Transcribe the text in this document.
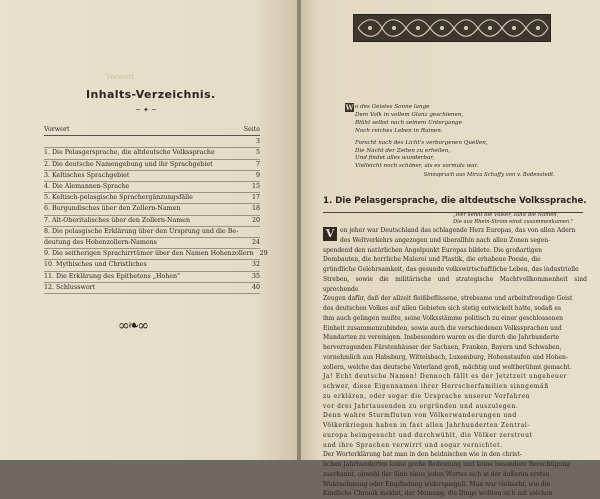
Vorwort
Inhalts-Verzeichnis.
~ ✦ ~
Vorwort	Seite
3
1. Die Pelasgersprache, die altdeutsche Volkssprache	5
2. Die deutsche Namengebung und ihr Sprachgebiet	7
3. Keltisches Sprachgebiet	9
4. Die Alemannen-Sprache	15
5. Keltisch-pelasgische Sprachergänzungsfälle	17
6. Burgundisches über den Zollern-Namen	18
7. Alt-Oberitalisches über den Zollern-Namen	20
8. Die pelasgische Erklärung über den Ursprung und die Be-
deutung des Hohenzollern-Namens	24
9. Die seitherigen Sprachirrtümer über den Namen Hohenzollern 29
10. Mythisches und Christliches	32
11. Die Erklärung des Epithetons „Hohen"	35
12. Schlusswort	40
∞❧∞
W o des Geistes Sonne lange
Dem Volk in vollem Glanz geschienen,
Blüht selbst nach seinem Untergange
Noch reiches Leben in Ruinen.
Forscht nach des Licht's verborgenen Quellen,
Die Nacht der Zeiten zu erhellen,
Und findet alles wunderbar,
Vielleicht noch schöner, als es vormals war.
Sinnspruch aus Mirza Schaffy von v. Bodenstedt.
1. Die Pelasgersprache, die altdeutsche Volkssprache.
„Wer kennt die Völker, zählt die Namen,
Die aus Rhein-Strom einst zusammenkamen."
V on jeher war Deutschland das schlagende Herz Europas, das von allen Adern
des Weltverkehrs angezogen und überallhin nach allen Zonen segen-
spendend den natürlichen Angelpunkt Europas bildete. Die großartigen
Dombauten, die herrliche Malerei und Plastik, die erhabene Poesie, die
gründliche Gelehrsamkeit, das gesunde volkswirtschaftliche Leben, das industrielle
Streben, sowie die militärische und strategische Machtvollkommenheit sind sprechende
Zeugen dafür, daß der allzeit fleißbeflissene, strebsame und arbeitsfreudige Geist
des deutschen Volkes auf allen Gebieten sich stetig entwickelt hatte, sodaß es
ihm auch gelingen mußte, seine Volksstämme politisch zu einer geschlossenen
Einheit zusammenzubinden, sowie auch die verschiedenen Volkssprachen und
Mundarten zu vereinigen. Insbesondere waren es die durch die Jahrhunderte
hervorragenden Fürstenhäuser der Sachsen, Franken, Bayern und Schwaben,
vornehmlich aus Habsburg, Wittelsbach, Luxemburg, Hohenstaufen und Hohen-
zollern, welche das deutsche Vaterland groß, mächtig und weltberühmt gemacht.
Ja! Echt deutsche Namen! Dennoch fällt es der Jetztzeit ungeheuer
schwer, diese Eigennamen ihrer Herrscherfamilien sinngemäß
zu erklären, oder sogar die Ursprache unserer Vorfahren
vor drei Jahrtausenden zu ergründen und auszulegen.
Denn wahre Sturmfluten von Völkerwanderungen und
Völkerkriegen haben in fast allen Jahrhunderten Zentral-
europa heimgesucht und durchwühlt, die Völker zerstreut
und ihre Sprachen verwirrt und sogar vernichtet.
Der Worterklärung hat man in den heidnischen wie in den christ-
lichen Jahrhunderten keine große Bedeutung und keine besondere Berechtigung
zuerkannt, obwohl der Sinn eines jeden Wortes sich in der äußeren ersten
Wahrnehmung oder Empfindung widerspiegelt. Man war vielmehr, wie die
Kindliche Chronik meldet, der Meinung, die Dinge wollten sich mit solchen
